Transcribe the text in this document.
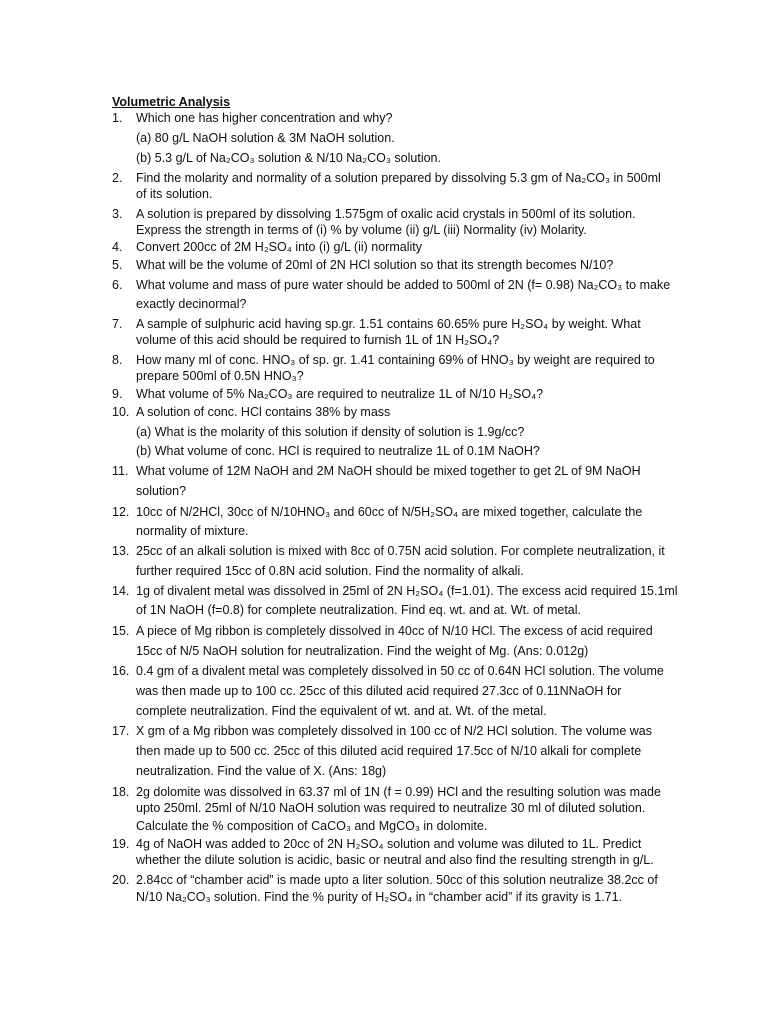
Volumetric Analysis
1.	Which one has higher concentration and why?
(a) 80 g/L NaOH solution & 3M NaOH solution.
(b) 5.3 g/L of Na₂CO₃ solution & N/10 Na₂CO₃ solution.
2.	Find the molarity and normality of a solution prepared by dissolving 5.3 gm of Na₂CO₃ in 500ml
of its solution.
3.	A solution is prepared by dissolving 1.575gm of oxalic acid crystals in 500ml of its solution.
Express the strength in terms of (i) % by volume (ii) g/L (iii) Normality (iv) Molarity.
4.	Convert 200cc of 2M H₂SO₄ into (i) g/L (ii) normality
5.	What will be the volume of 20ml of 2N HCl solution so that its strength becomes N/10?
6.	What volume and mass of pure water should be added to 500ml of 2N (f= 0.98) Na₂CO₃ to make
exactly decinormal?
7.	A sample of sulphuric acid having sp.gr. 1.51 contains 60.65% pure H₂SO₄ by weight. What
volume of this acid should be required to furnish 1L of 1N H₂SO₄?
8.	How many ml of conc. HNO₃ of sp. gr. 1.41 containing 69% of HNO₃ by weight are required to
prepare 500ml of 0.5N HNO₃?
9.	What volume of 5% Na₂CO₃ are required to neutralize 1L of N/10 H₂SO₄?
10. A solution of conc. HCl contains 38% by mass
(a) What is the molarity of this solution if density of solution is 1.9g/cc?
(b) What volume of conc. HCl is required to neutralize 1L of 0.1M NaOH?
11. What volume of 12M NaOH and 2M NaOH should be mixed together to get 2L of 9M NaOH
solution?
12. 10cc of N/2HCl, 30cc of N/10HNO₃ and 60cc of N/5H₂SO₄ are mixed together, calculate the
normality of mixture.
13. 25cc of an alkali solution is mixed with 8cc of 0.75N acid solution. For complete neutralization, it
further required 15cc of 0.8N acid solution. Find the normality of alkali.
14. 1g of divalent metal was dissolved in 25ml of 2N H₂SO₄ (f=1.01). The excess acid required 15.1ml
of 1N NaOH (f=0.8) for complete neutralization. Find eq. wt. and at. Wt. of metal.
15. A piece of Mg ribbon is completely dissolved in 40cc of N/10 HCl. The excess of acid required
15cc of N/5 NaOH solution for neutralization. Find the weight of Mg. (Ans: 0.012g)
16. 0.4 gm of a divalent metal was completely dissolved in 50 cc of 0.64N HCl solution. The volume
was then made up to 100 cc. 25cc of this diluted acid required 27.3cc of 0.11NNaOH for
complete neutralization. Find the equivalent of wt. and at. Wt. of the metal.
17. X gm of a Mg ribbon was completely dissolved in 100 cc of N/2 HCl solution. The volume was
then made up to 500 cc. 25cc of this diluted acid required 17.5cc of N/10 alkali for complete
neutralization. Find the value of X. (Ans: 18g)
18. 2g dolomite was dissolved in 63.37 ml of 1N (f = 0.99) HCl and the resulting solution was made
upto 250ml. 25ml of N/10 NaOH solution was required to neutralize 30 ml of diluted solution.
Calculate the % composition of CaCO₃ and MgCO₃ in dolomite.
19. 4g of NaOH was added to 20cc of 2N H₂SO₄ solution and volume was diluted to 1L. Predict
whether the dilute solution is acidic, basic or neutral and also find the resulting strength in g/L.
20. 2.84cc of “chamber acid” is made upto a liter solution. 50cc of this solution neutralize 38.2cc of
N/10 Na₂CO₃ solution. Find the % purity of H₂SO₄ in “chamber acid” if its gravity is 1.71.
